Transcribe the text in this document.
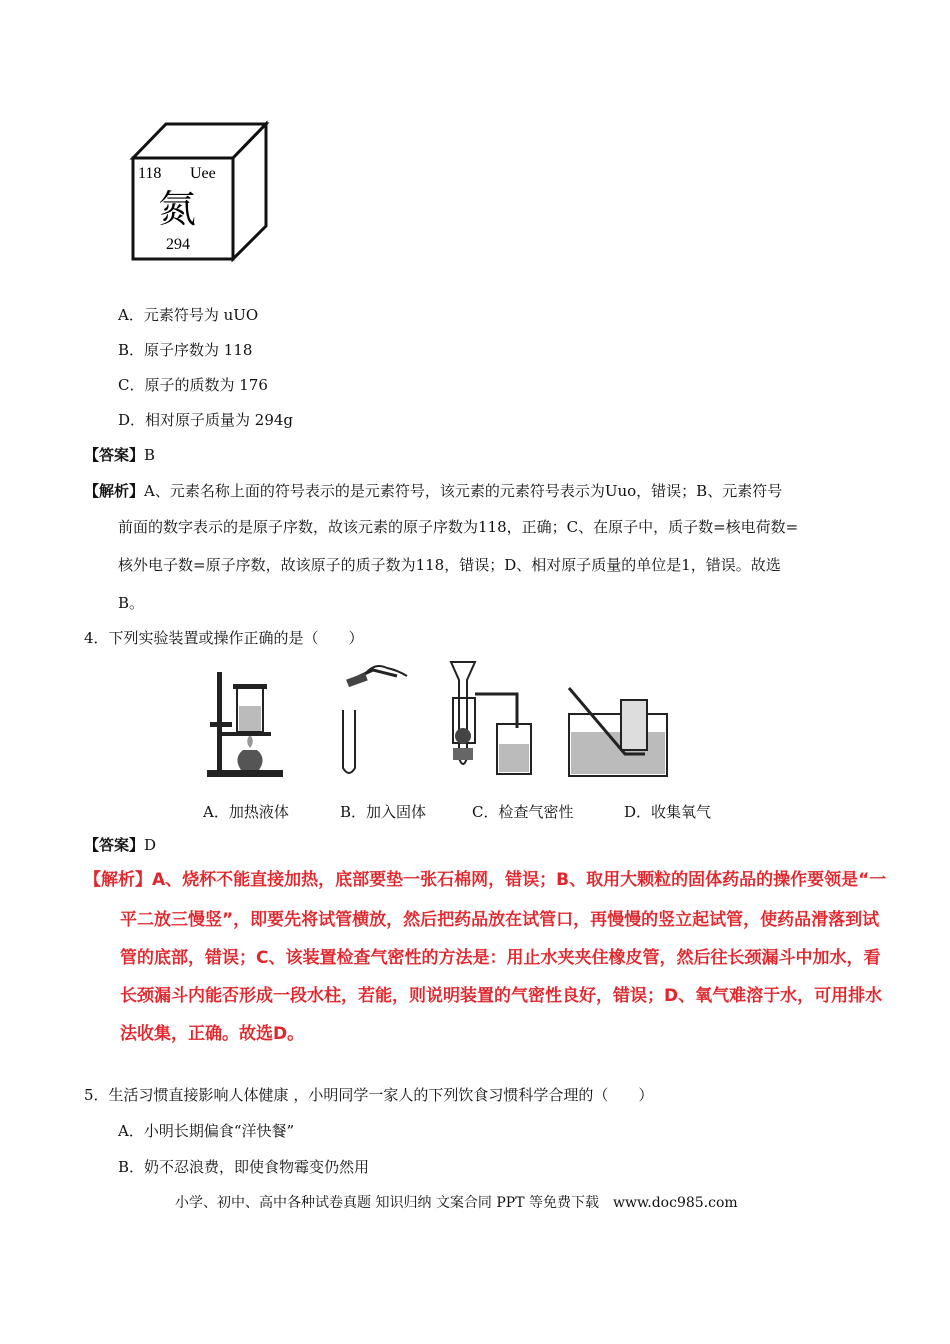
118 Uee
氮
294
A．元素符号为 uUO
B．原子序数为 118
C．原子的质数为 176
D．相对原子质量为 294g
【答案】B
【解析】A、元素名称上面的符号表示的是元素符号，该元素的元素符号表示为Uuo，错误；B、元素符号
前面的数字表示的是原子序数，故该元素的原子序数为118，正确；C、在原子中，质子数=核电荷数=
核外电子数=原子序数，故该原子的质子数为118，错误；D、相对原子质量的单位是1，错误。故选
B。
4．下列实验装置或操作正确的是（　　）
A．加热液体	B．加入固体	C．检查气密性	D．收集氧气
【答案】D
【解析】A、烧杯不能直接加热，底部要垫一张石棉网，错误；B、取用大颗粒的固体药品的操作要领是“一
平二放三慢竖”，即要先将试管横放，然后把药品放在试管口，再慢慢的竖立起试管，使药品滑落到试
管的底部，错误；C、该装置检查气密性的方法是：用止水夹夹住橡皮管，然后往长颈漏斗中加水，看
长颈漏斗内能否形成一段水柱，若能，则说明装置的气密性良好，错误；D、氧气难溶于水，可用排水
法收集，正确。故选D。
5．生活习惯直接影响人体健康 ，小明同学一家人的下列饮食习惯科学合理的（　　）
A．小明长期偏食“洋快餐”
B．奶不忍浪费，即使食物霉变仍然用
小学、初中、高中各种试卷真题 知识归纳 文案合同 PPT 等免费下载　www.doc985.com
